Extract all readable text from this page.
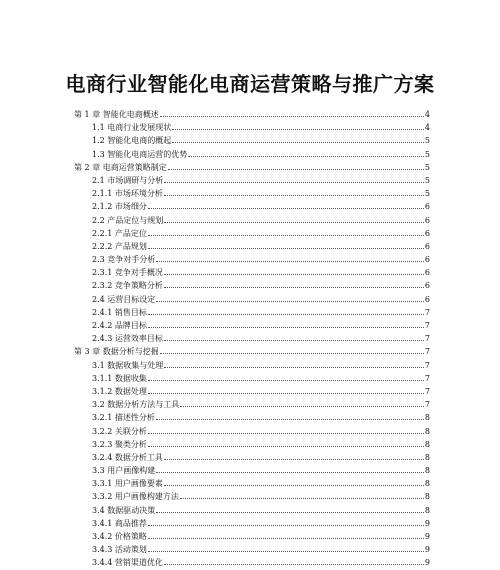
电商行业智能化电商运营策略与推广方案
第 1 章 智能化电商概述	4
1.1 电商行业发展现状	4
1.2 智能化电商的概起	5
1.3 智能化电商运营的优势	5
第 2 章 电商运营策略制定	5
2.1 市场调研与分析	5
2.1.1 市场环境分析	5
2.1.2 市场细分	6
2.2 产品定位与规划	6
2.2.1 产品定位	6
2.2.2 产品规划	6
2.3 竞争对手分析	6
2.3.1 竞争对手概况	6
2.3.2 竞争策略分析	6
2.4 运营目标设定	6
2.4.1 销售目标	7
2.4.2 品牌目标	7
2.4.3 运营效率目标	7
第 3 章 数据分析与挖掘	7
3.1 数据收集与处理	7
3.1.1 数据收集	7
3.1.2 数据处理	7
3.2 数据分析方法与工具	7
3.2.1 描述性分析	8
3.2.2 关联分析	8
3.2.3 聚类分析	8
3.2.4 数据分析工具	8
3.3 用户画像构建	8
3.3.1 用户画像要素	8
3.3.2 用户画像构建方法	8
3.4 数据驱动决策	8
3.4.1 商品推荐	9
3.4.2 价格策略	9
3.4.3 活动策划	9
3.4.4 营销渠道优化	9
